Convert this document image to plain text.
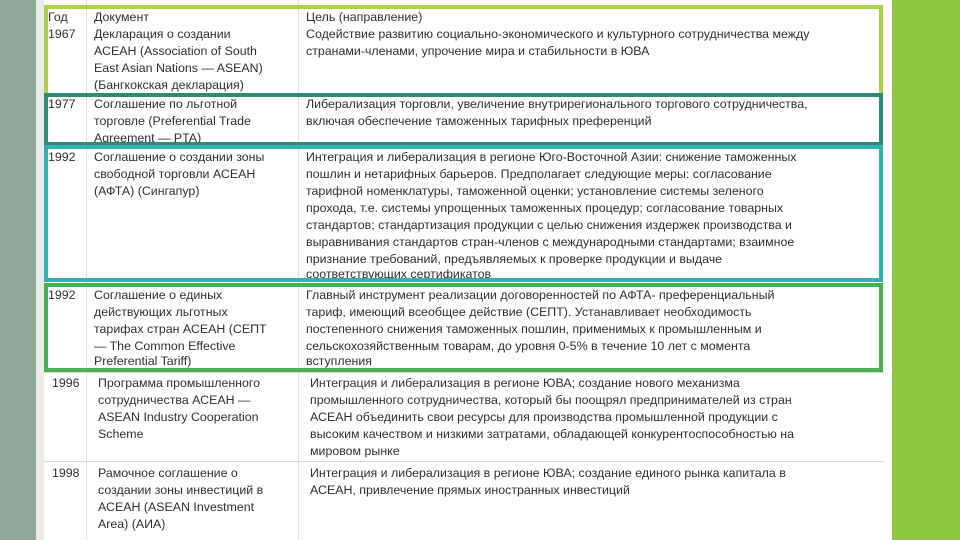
Год Документ	Цель (направление)
1967 Декларация о создании
АСЕАН (Association of South
East Asian Nations — ASEAN)
(Бангкокская декларация)
Содействие развитию социально-экономического и культурного сотрудничества между
странами-членами, упрочение мира и стабильности в ЮВА
1977 Соглашение по льготной
торговле (Preferential Trade
Agreement — PTA)
Либерализация торговли, увеличение внутрирегионального торгового сотрудничества,
включая обеспечение таможенных тарифных преференций
1992 Соглашение о создании зоны
свободной торговли АСЕАН
(АФТА) (Сингапур)
Интеграция и либерализация в регионе Юго-Восточной Азии: снижение таможенных
пошлин и нетарифных барьеров. Предполагает следующие меры: согласование
тарифной номенклатуры, таможенной оценки; установление системы зеленого
прохода, т.е. системы упрощенных таможенных процедур; согласование товарных
стандартов; стандартизация продукции с целью снижения издержек производства и
выравнивания стандартов стран-членов с международными стандартами; взаимное
признание требований, предъявляемых к проверке продукции и выдаче
соответствующих сертификатов
1992 Соглашение о единых
действующих льготных
тарифах стран АСЕАН (СЕПТ
— The Common Effective
Preferential Tariff)
Главный инструмент реализации договоренностей по АФТА- преференциальный
тариф, имеющий всеобщее действие (СЕПТ). Устанавливает необходимость
постепенного снижения таможенных пошлин, применимых к промышленным и
сельскохозяйственным товарам, до уровня 0-5% в течение 10 лет с момента
вступления
1996 Программа промышленного
сотрудничества АСЕАН —
ASEAN Industry Cooperation
Scheme
Интеграция и либерализация в регионе ЮВА; создание нового механизма
промышленного сотрудничества, который бы поощрял предпринимателей из стран
АСЕАН объединить свои ресурсы для производства промышленной продукции с
высоким качеством и низкими затратами, обладающей конкурентоспособностью на
мировом рынке
1998 Рамочное соглашение о
создании зоны инвестиций в
АСЕАН (ASEAN Investment
Area) (АИА)
Интеграция и либерализация в регионе ЮВА; создание единого рынка капитала в
АСЕАН, привлечение прямых иностранных инвестиций
